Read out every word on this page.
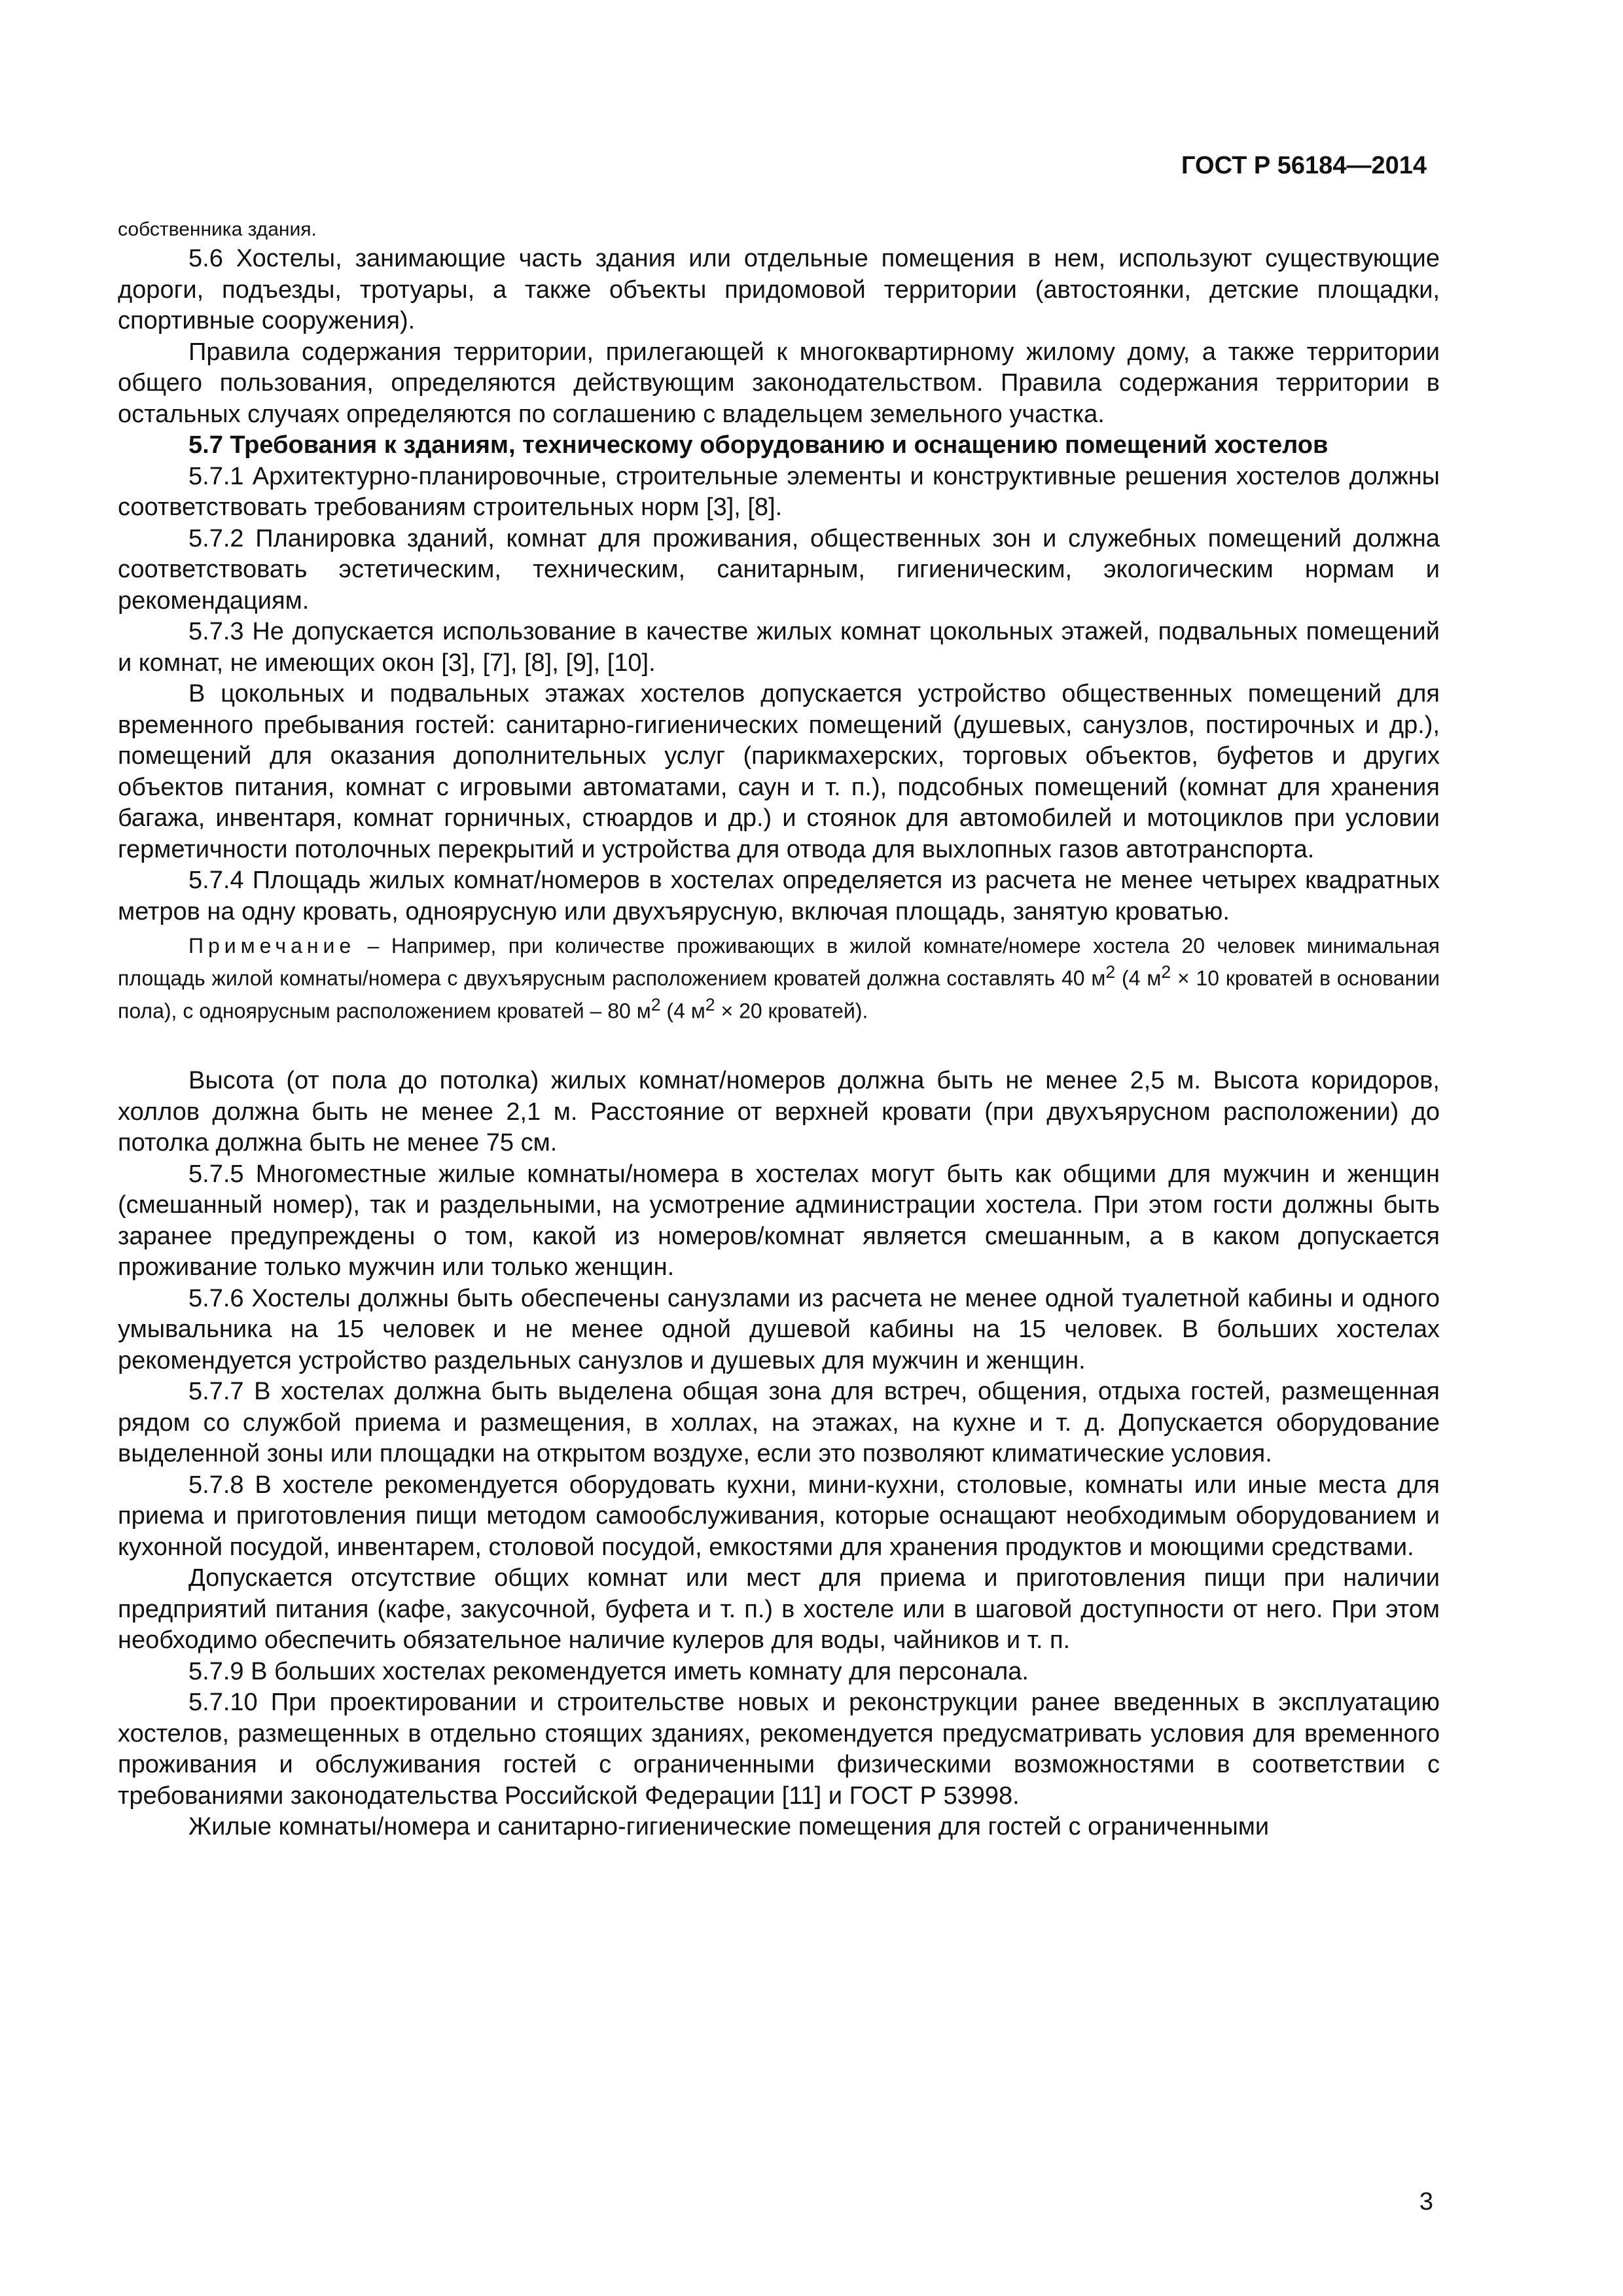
ГОСТ Р 56184—2014

собственника здания.

5.6 Хостелы, занимающие часть здания или отдельные помещения в нем, используют существующие дороги, подъезды, тротуары, а также объекты придомовой территории (автостоянки, детские площадки, спортивные сооружения).

Правила содержания территории, прилегающей к многоквартирному жилому дому, а также территории общего пользования, определяются действующим законодательством. Правила содержания территории в остальных случаях определяются по соглашению с владельцем земельного участка.

5.7 Требования к зданиям, техническому оборудованию и оснащению помещений хостелов

5.7.1 Архитектурно-планировочные, строительные элементы и конструктивные решения хостелов должны соответствовать требованиям строительных норм [3], [8].

5.7.2 Планировка зданий, комнат для проживания, общественных зон и служебных помещений должна соответствовать эстетическим, техническим, санитарным, гигиеническим, экологическим нормам и рекомендациям.

5.7.3 Не допускается использование в качестве жилых комнат цокольных этажей, подвальных помещений и комнат, не имеющих окон [3], [7], [8], [9], [10].

В цокольных и подвальных этажах хостелов допускается устройство общественных помещений для временного пребывания гостей: санитарно-гигиенических помещений (душевых, санузлов, постирочных и др.), помещений для оказания дополнительных услуг (парикмахерских, торговых объектов, буфетов и других объектов питания, комнат с игровыми автоматами, саун и т. п.), подсобных помещений (комнат для хранения багажа, инвентаря, комнат горничных, стюардов и др.) и стоянок для автомобилей и мотоциклов при условии герметичности потолочных перекрытий и устройства для отвода для выхлопных газов автотранспорта.

5.7.4 Площадь жилых комнат/номеров в хостелах определяется из расчета не менее четырех квадратных метров на одну кровать, одноярусную или двухъярусную, включая площадь, занятую кроватью.

Примечание – Например, при количестве проживающих в жилой комнате/номере хостела 20 человек минимальная площадь жилой комнаты/номера с двухъярусным расположением кроватей должна составлять 40 $м^2$ (4 $м^2 \times 10$ кроватей в основании пола), с одноярусным расположением кроватей – 80 $м^2$ (4 $м^2 \times 20$ кроватей).

Высота (от пола до потолка) жилых комнат/номеров должна быть не менее 2,5 м. Высота коридоров, холлов должна быть не менее 2,1 м. Расстояние от верхней кровати (при двухъярусном расположении) до потолка должна быть не менее 75 см.

5.7.5 Многоместные жилые комнаты/номера в хостелах могут быть как общими для мужчин и женщин (смешанный номер), так и раздельными, на усмотрение администрации хостела. При этом гости должны быть заранее предупреждены о том, какой из номеров/комнат является смешанным, а в каком допускается проживание только мужчин или только женщин.

5.7.6 Хостелы должны быть обеспечены санузлами из расчета не менее одной туалетной кабины и одного умывальника на 15 человек и не менее одной душевой кабины на 15 человек. В больших хостелах рекомендуется устройство раздельных санузлов и душевых для мужчин и женщин.

5.7.7 В хостелах должна быть выделена общая зона для встреч, общения, отдыха гостей, размещенная рядом со службой приема и размещения, в холлах, на этажах, на кухне и т. д. Допускается оборудование выделенной зоны или площадки на открытом воздухе, если это позволяют климатические условия.

5.7.8 В хостеле рекомендуется оборудовать кухни, мини-кухни, столовые, комнаты или иные места для приема и приготовления пищи методом самообслуживания, которые оснащают необходимым оборудованием и кухонной посудой, инвентарем, столовой посудой, емкостями для хранения продуктов и моющими средствами.

Допускается отсутствие общих комнат или мест для приема и приготовления пищи при наличии предприятий питания (кафе, закусочной, буфета и т. п.) в хостеле или в шаговой доступности от него. При этом необходимо обеспечить обязательное наличие кулеров для воды, чайников и т. п.

5.7.9 В больших хостелах рекомендуется иметь комнату для персонала.

5.7.10 При проектировании и строительстве новых и реконструкции ранее введенных в эксплуатацию хостелов, размещенных в отдельно стоящих зданиях, рекомендуется предусматривать условия для временного проживания и обслуживания гостей с ограниченными физическими возможностями в соответствии с требованиями законодательства Российской Федерации [11] и ГОСТ Р 53998.

Жилые комнаты/номера и санитарно-гигиенические помещения для гостей с ограниченными

3
